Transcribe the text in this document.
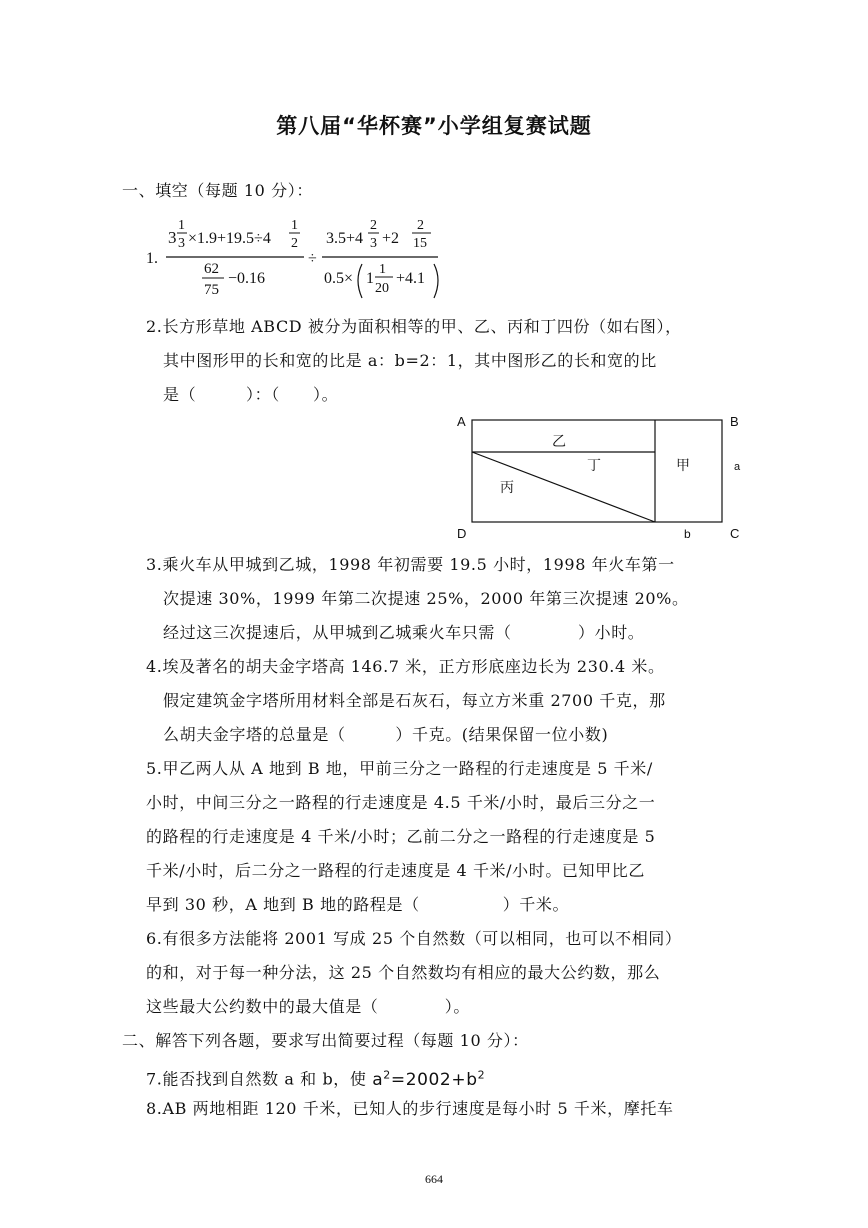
第八届“华杯赛”小学组复赛试题
一、填空（每题 10 分）：
1.
3
1
3 ×1.9+19.5÷4
1
2
62
75
−0.16
÷
3.5+4
2
3 +2
2
15
0.5× 1
1
20
+4.1
2.长方形草地 ABCD 被分为面积相等的甲、乙、丙和丁四份（如右图），
其中图形甲的长和宽的比是 a：b=2：1，其中图形乙的长和宽的比
是（　　　）：（　　）。
A	B
C
D
a
b
乙
丁	甲
丙
3.乘火车从甲城到乙城，1998 年初需要 19.5 小时，1998 年火车第一
次提速 30%，1999 年第二次提速 25%，2000 年第三次提速 20%。
经过这三次提速后，从甲城到乙城乘火车只需（　　　　）小时。
4.埃及著名的胡夫金字塔高 146.7 米，正方形底座边长为 230.4 米。
假定建筑金字塔所用材料全部是石灰石，每立方米重 2700 千克，那
么胡夫金字塔的总量是（　　　）千克。(结果保留一位小数)
5.甲乙两人从 A 地到 B 地，甲前三分之一路程的行走速度是 5 千米/
小时，中间三分之一路程的行走速度是 4.5 千米/小时，最后三分之一
的路程的行走速度是 4 千米/小时；乙前二分之一路程的行走速度是 5
千米/小时，后二分之一路程的行走速度是 4 千米/小时。已知甲比乙
早到 30 秒，A 地到 B 地的路程是（　　　　　）千米。
6.有很多方法能将 2001 写成 25 个自然数（可以相同，也可以不相同）
的和，对于每一种分法，这 25 个自然数均有相应的最大公约数，那么
这些最大公约数中的最大值是（　　　　）。
二、解答下列各题，要求写出简要过程（每题 10 分）：
7.能否找到自然数 a 和 b，使 $a^2=2002+b^2$
8.AB 两地相距 120 千米，已知人的步行速度是每小时 5 千米，摩托车
664
